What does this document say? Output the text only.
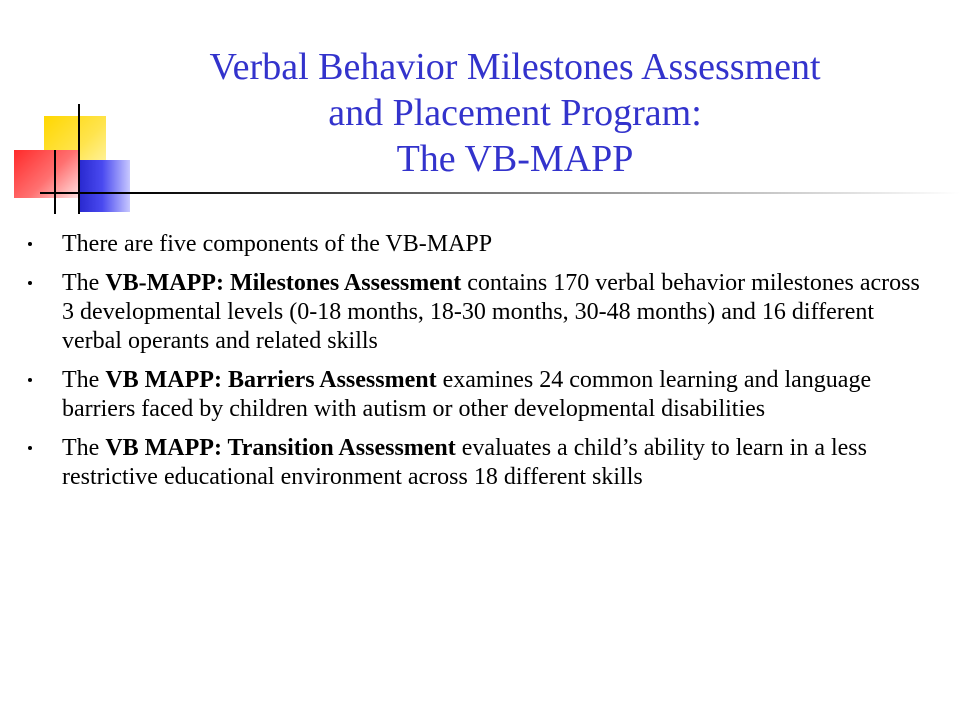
Verbal Behavior Milestones Assessment
and Placement Program:
The VB-MAPP
There are five components of the VB-MAPP
The VB-MAPP: Milestones Assessment contains 170 verbal behavior milestones across 3 developmental levels (0-18 months, 18-30 months, 30-48 months) and 16 different verbal operants and related skills
The VB MAPP: Barriers Assessment examines 24 common learning and language barriers faced by children with autism or other developmental disabilities
The VB MAPP: Transition Assessment evaluates a child’s ability to learn in a less restrictive educational environment across 18 different skills
